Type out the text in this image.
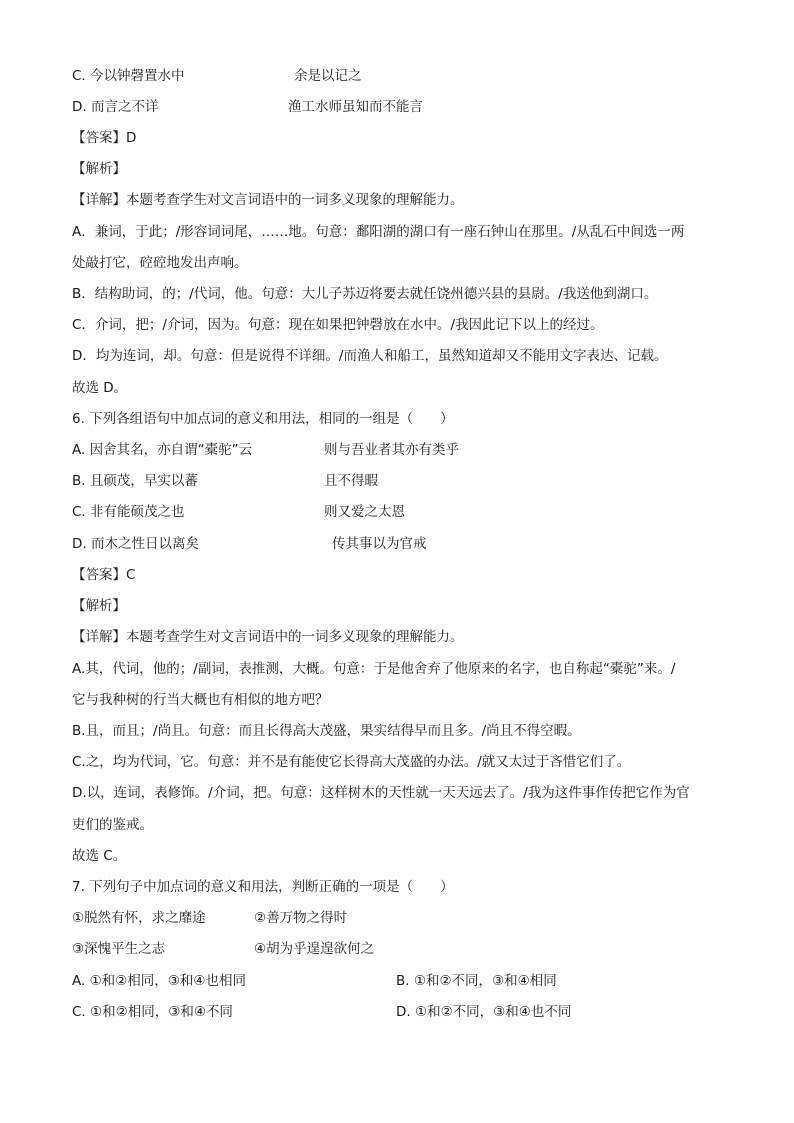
C. 今以钟磬置水中	余是以记之
D. 而言之不详	渔工水师虽知而不能言
【答案】D
【解析】
【详解】本题考查学生对文言词语中的一词多义现象的理解能力。
A．兼词，于此；/形容词词尾，……地。句意：鄱阳湖的湖口有一座石钟山在那里。/从乱石中间选一两
处敲打它，硿硿地发出声响。
B．结构助词，的；/代词，他。句意：大儿子苏迈将要去就任饶州德兴县的县尉。/我送他到湖口。
C．介词，把；/介词，因为。句意：现在如果把钟磬放在水中。/我因此记下以上的经过。
D．均为连词，却。句意：但是说得不详细。/而渔人和船工，虽然知道却又不能用文字表达、记载。
故选 D。
6. 下列各组语句中加点词的意义和用法，相同的一组是（　　）
A. 因舍其名，亦自谓“橐驼”云	则与吾业者其亦有类乎
B. 且硕茂，早实以蕃	且不得暇
C. 非有能硕茂之也	则又爱之太恩
D. 而木之性日以离矣	传其事以为官戒
【答案】C
【解析】
【详解】本题考查学生对文言词语中的一词多义现象的理解能力。
A.其，代词，他的；/副词，表推测，大概。句意：于是他舍弃了他原来的名字，也自称起“橐驼”来。/
它与我种树的行当大概也有相似的地方吧？
B.且，而且；/尚且。句意：而且长得高大茂盛，果实结得早而且多。/尚且不得空暇。
C.之，均为代词，它。句意：并不是有能使它长得高大茂盛的办法。/就又太过于吝惜它们了。
D.以，连词，表修饰。/介词，把。句意：这样树木的天性就一天天远去了。/我为这件事作传把它作为官
吏们的鉴戒。
故选 C。
7. 下列句子中加点词的意义和用法，判断正确的一项是（　　）
①脱然有怀，求之靡途	②善万物之得时
③深愧平生之志	④胡为乎遑遑欲何之
A. ①和②相同，③和④也相同	B. ①和②不同，③和④相同
C. ①和②相同，③和④不同	D. ①和②不同，③和④也不同
